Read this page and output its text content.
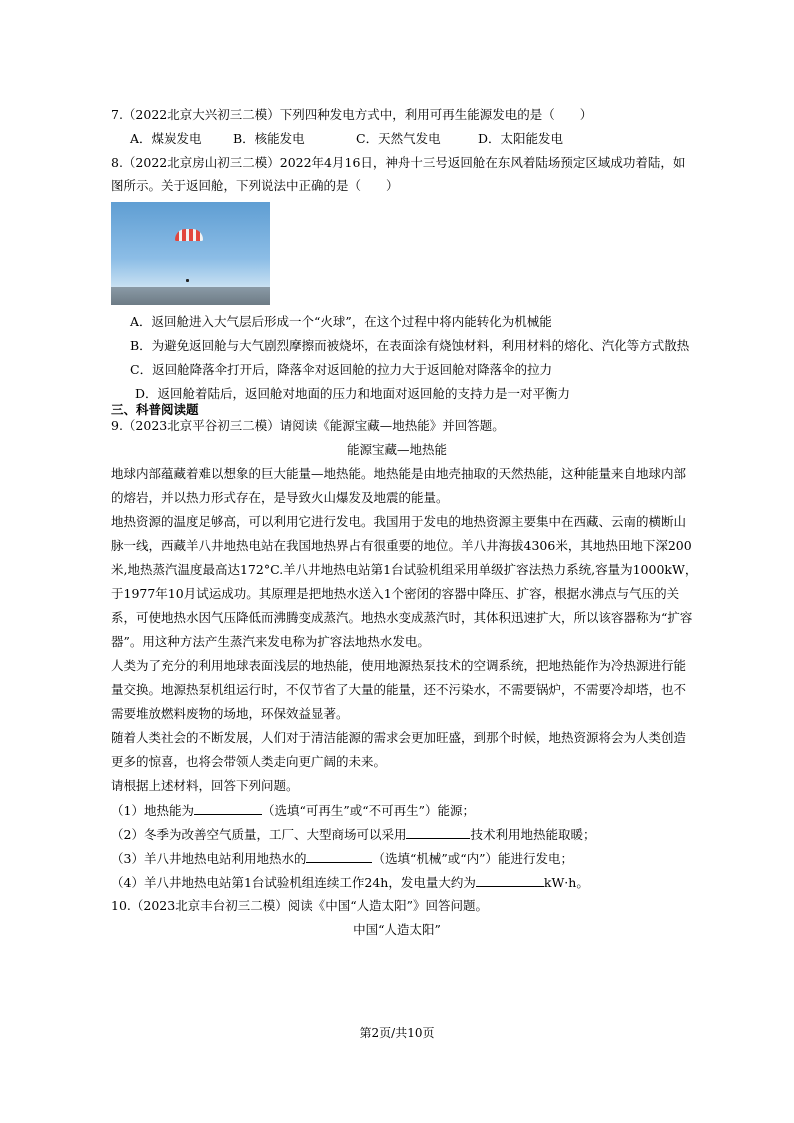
7.（2022北京大兴初三二模）下列四种发电方式中，利用可再生能源发电的是（　　）
A．煤炭发电	B．核能发电	C．天然气发电	D．太阳能发电
8.（2022北京房山初三二模）2022年4月16日，神舟十三号返回舱在东风着陆场预定区域成功着陆，如
图所示。关于返回舱，下列说法中正确的是（　　）
A．返回舱进入大气层后形成一个“火球”，在这个过程中将内能转化为机械能
B．为避免返回舱与大气剧烈摩擦而被烧坏，在表面涂有烧蚀材料，利用材料的熔化、汽化等方式散热
C．返回舱降落伞打开后，降落伞对返回舱的拉力大于返回舱对降落伞的拉力
D．返回舱着陆后，返回舱对地面的压力和地面对返回舱的支持力是一对平衡力
三、科普阅读题
9.（2023北京平谷初三二模）请阅读《能源宝藏—地热能》并回答题。
能源宝藏—地热能
地球内部蕴藏着难以想象的巨大能量—地热能。地热能是由地壳抽取的天然热能，这种能量来自地球内部
的熔岩，并以热力形式存在，是导致火山爆发及地震的能量。
地热资源的温度足够高，可以利用它进行发电。我国用于发电的地热资源主要集中在西藏、云南的横断山
脉一线，西藏羊八井地热电站在我国地热界占有很重要的地位。羊八井海拔4306米，其地热田地下深200
米,地热蒸汽温度最高达172°C.羊八井地热电站第1台试验机组采用单级扩容法热力系统,容量为1000kW，
于1977年10月试运成功。其原理是把地热水送入1个密闭的容器中降压、扩容，根据水沸点与气压的关
系，可使地热水因气压降低而沸腾变成蒸汽。地热水变成蒸汽时，其体积迅速扩大，所以该容器称为“扩容
器”。用这种方法产生蒸汽来发电称为扩容法地热水发电。
人类为了充分的利用地球表面浅层的地热能，使用地源热泵技术的空调系统，把地热能作为冷热源进行能
量交换。地源热泵机组运行时，不仅节省了大量的能量，还不污染水，不需要锅炉，不需要冷却塔，也不
需要堆放燃料废物的场地，环保效益显著。
随着人类社会的不断发展，人们对于清洁能源的需求会更加旺盛，到那个时候，地热资源将会为人类创造
更多的惊喜，也将会带领人类走向更广阔的未来。
请根据上述材料，回答下列问题。
（1）地热能为	（选填“可再生”或“不可再生”）能源；
（2）冬季为改善空气质量，工厂、大型商场可以采用	技术利用地热能取暖；
（3）羊八井地热电站利用地热水的	（选填“机械”或“内”）能进行发电；
（4）羊八井地热电站第1台试验机组连续工作24h，发电量大约为	kW·h。
10.（2023北京丰台初三二模）阅读《中国“人造太阳”》回答问题。
中国“人造太阳”
第2页/共10页
